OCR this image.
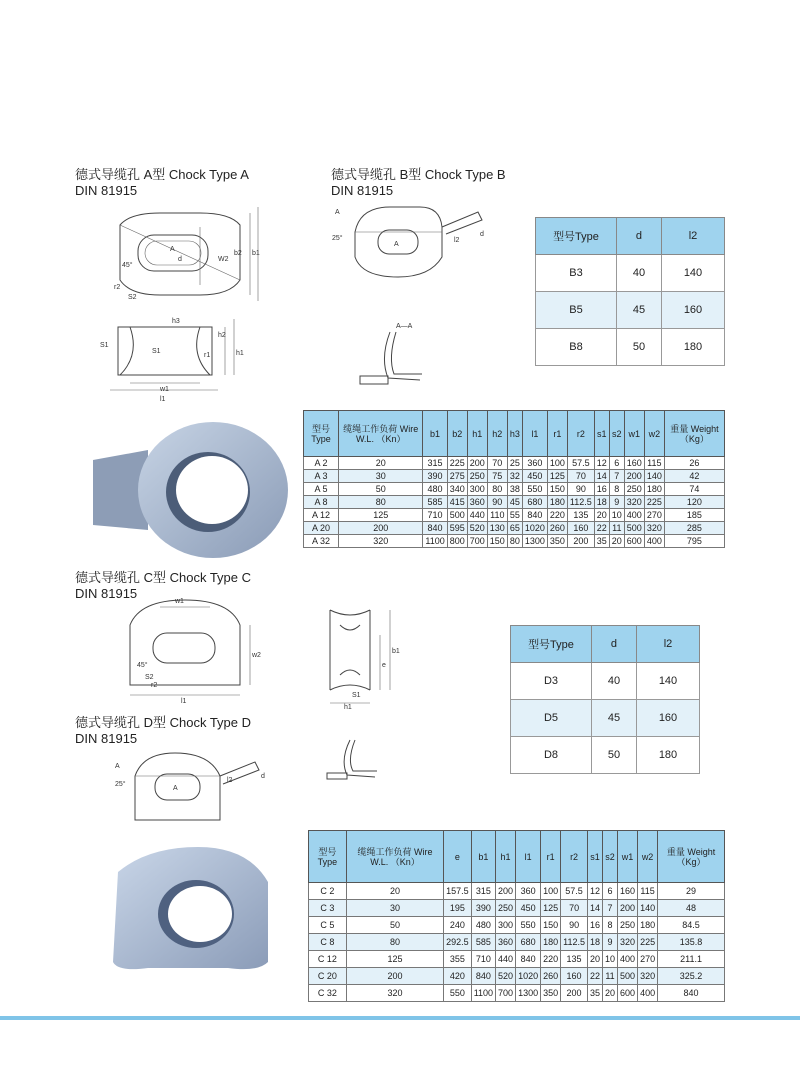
德式导缆孔 A型 Chock Type A
DIN 81915
德式导缆孔 B型 Chock Type B
DIN 81915
德式导缆孔 C型 Chock Type C
DIN 81915
德式导缆孔 D型 Chock Type D
DIN 81915
A
d	W2
b2 b1
45°
S2
r2
h3
S1
S1
h2
h1
r1
w1
l1
A
25°
A
l2
d
A—A
w1
45°
S2
r2
w2
l1
e
b1
S1
h1
A
25°
A
l2
d
型号Type	d	l2
B3	40	140
B5	45	160
B8	50	180
型号Type	d	l2
D3	40	140
D5	45	160
D8	50	180
型号 Type	缆绳工作负荷 Wire W.L. （Kn）	b1	b2	h1	h2	h3	l1	r1	r2	s1	s2	w1	w2	重量 Weight （Kg）
A 2	20	315	225	200	70	25	360	100	57.5	12	6	160	115	26
A 3	30	390	275	250	75	32	450	125	70	14	7	200	140	42
A 5	50	480	340	300	80	38	550	150	90	16	8	250	180	74
A 8	80	585	415	360	90	45	680	180	112.5	18	9	320	225	120
A 12	125	710	500	440	110	55	840	220	135	20	10	400	270	185
A 20	200	840	595	520	130	65	1020	260	160	22	11	500	320	285
A 32	320	1100	800	700	150	80	1300	350	200	35	20	600	400	795
型号 Type	缆绳工作负荷 Wire W.L. （Kn）	e	b1	h1	l1	r1	r2	s1	s2	w1	w2	重量 Weight （Kg）
C 2	20	157.5	315	200	360	100	57.5	12	6	160	115	29
C 3	30	195	390	250	450	125	70	14	7	200	140	48
C 5	50	240	480	300	550	150	90	16	8	250	180	84.5
C 8	80	292.5	585	360	680	180	112.5	18	9	320	225	135.8
C 12	125	355	710	440	840	220	135	20	10	400	270	211.1
C 20	200	420	840	520	1020	260	160	22	11	500	320	325.2
C 32	320	550	1100	700	1300	350	200	35	20	600	400	840
